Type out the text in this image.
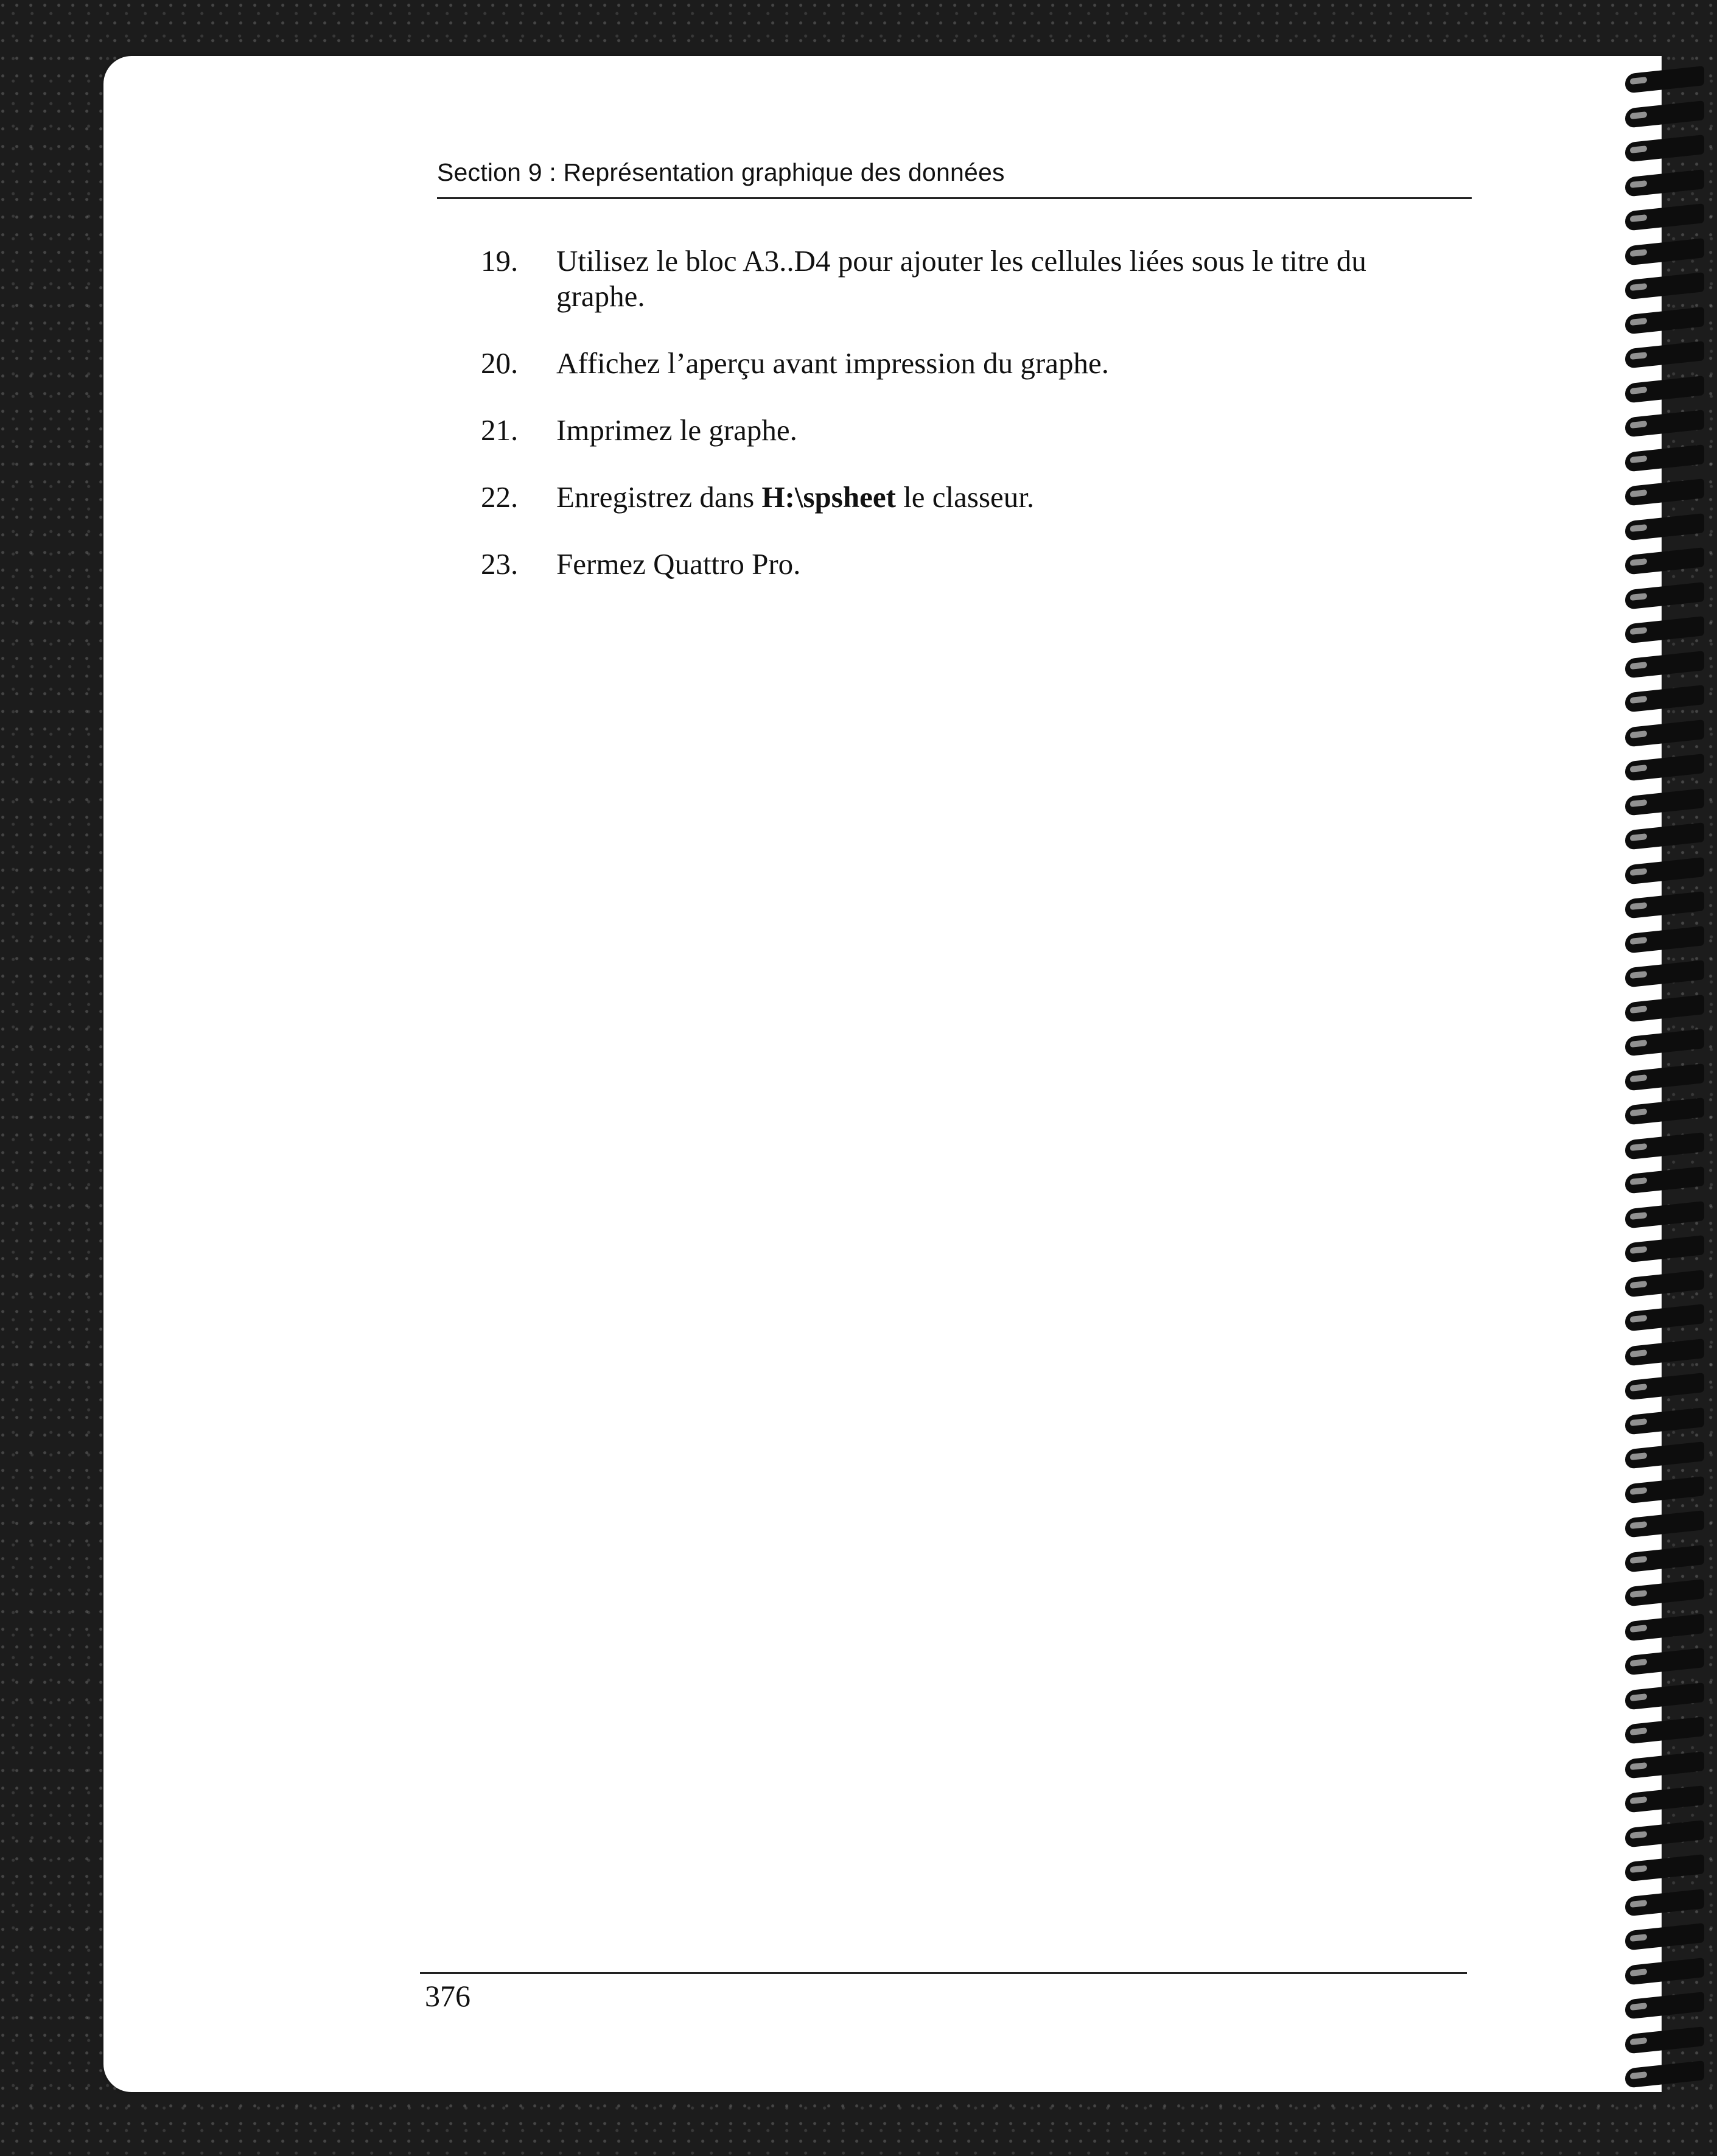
Section 9 : Représentation graphique des données
19. Utilisez le bloc A3..D4 pour ajouter les cellules liées sous le titre du graphe.
20. Affichez l’aperçu avant impression du graphe.
21. Imprimez le graphe.
22. Enregistrez dans H:\spsheet le classeur.
23. Fermez Quattro Pro.
376
